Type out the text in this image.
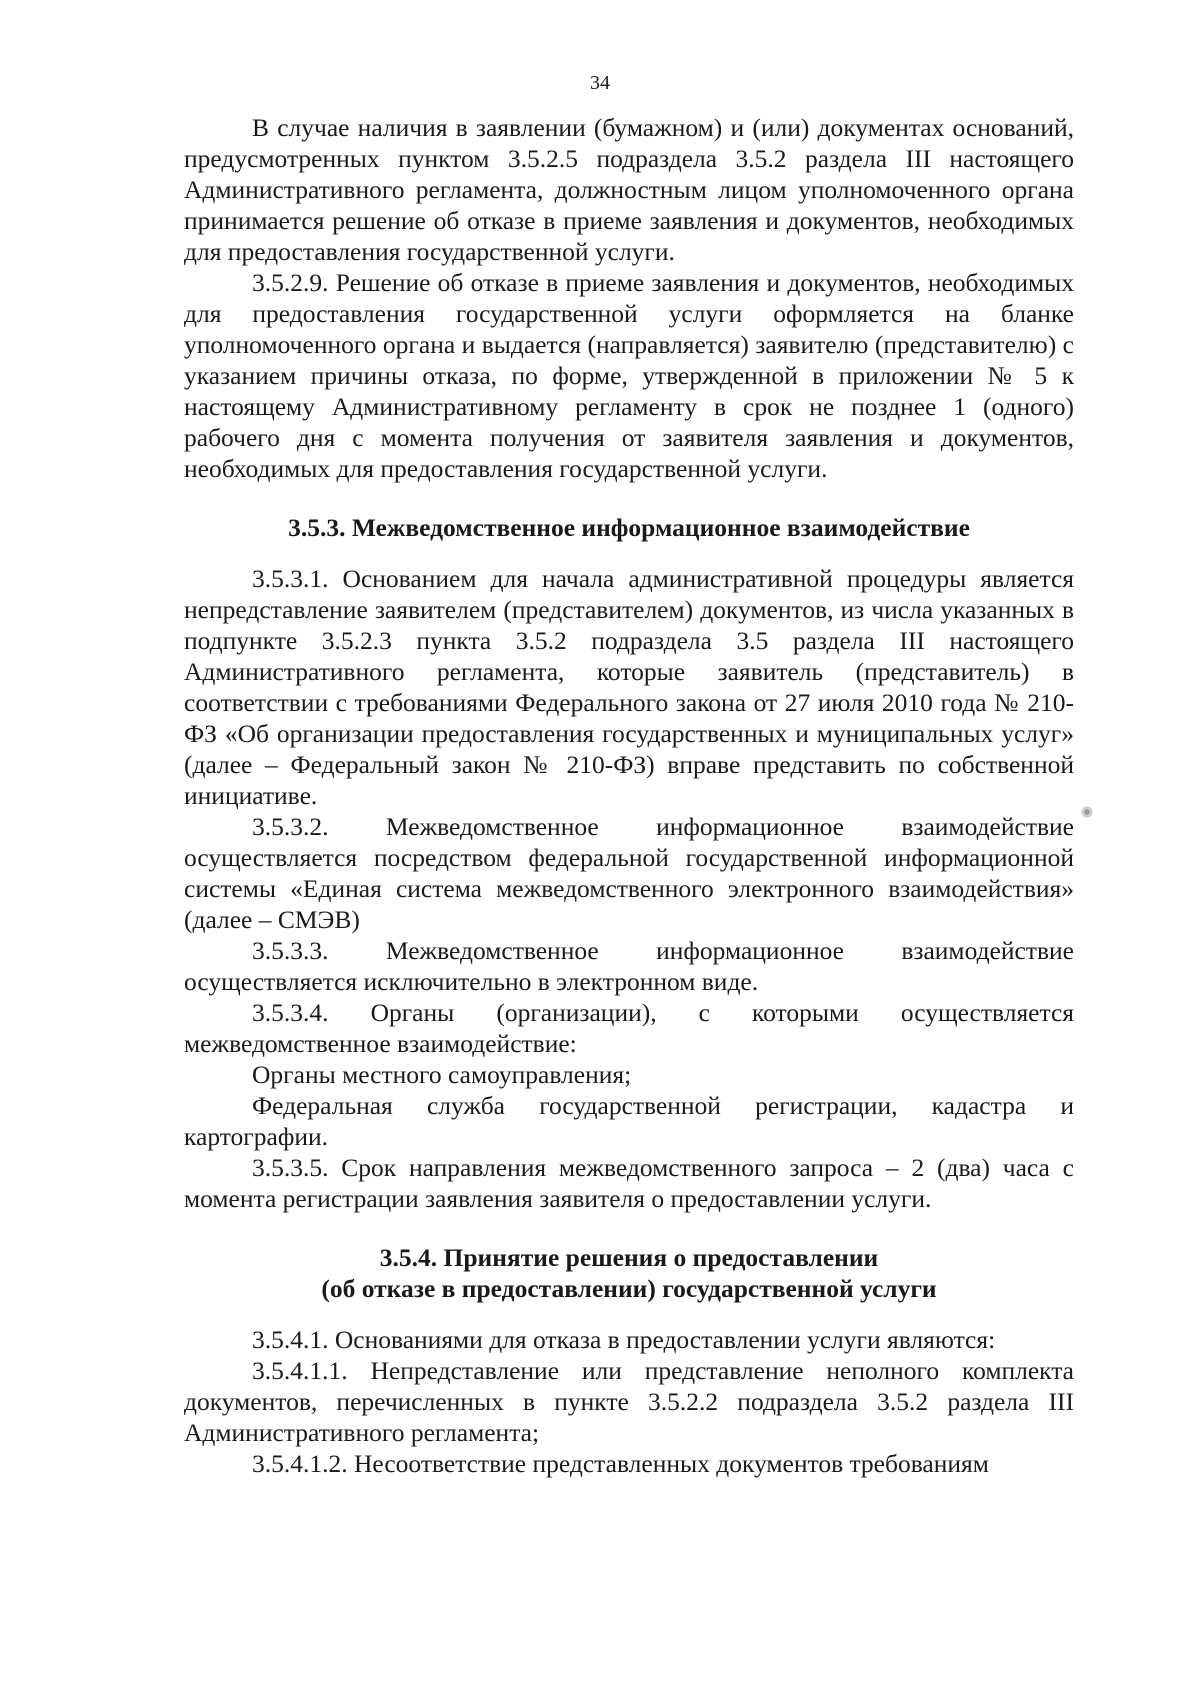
34

В случае наличия в заявлении (бумажном) и (или) документах оснований, предусмотренных пунктом 3.5.2.5 подраздела 3.5.2 раздела III настоящего Административного регламента, должностным лицом уполномоченного органа принимается решение об отказе в приеме заявления и документов, необходимых для предоставления государственной услуги.

3.5.2.9. Решение об отказе в приеме заявления и документов, необходимых для предоставления государственной услуги оформляется на бланке уполномоченного органа и выдается (направляется) заявителю (представителю) с указанием причины отказа, по форме, утвержденной в приложении № 5 к настоящему Административному регламенту в срок не позднее 1 (одного) рабочего дня с момента получения от заявителя заявления и документов, необходимых для предоставления государственной услуги.

3.5.3. Межведомственное информационное взаимодействие

3.5.3.1. Основанием для начала административной процедуры является непредставление заявителем (представителем) документов, из числа указанных в подпункте 3.5.2.3 пункта 3.5.2 подраздела 3.5 раздела III настоящего Административного регламента, которые заявитель (представитель) в соответствии с требованиями Федерального закона от 27 июля 2010 года № 210-ФЗ «Об организации предоставления государственных и муниципальных услуг» (далее – Федеральный закон № 210-ФЗ) вправе представить по собственной инициативе.

3.5.3.2. Межведомственное информационное взаимодействие осуществляется посредством федеральной государственной информационной системы «Единая система межведомственного электронного взаимодействия» (далее – СМЭВ)

3.5.3.3. Межведомственное информационное взаимодействие осуществляется исключительно в электронном виде.

3.5.3.4. Органы (организации), с которыми осуществляется межведомственное взаимодействие:

Органы местного самоуправления;

Федеральная служба государственной регистрации, кадастра и картографии.

3.5.3.5. Срок направления межведомственного запроса – 2 (два) часа с момента регистрации заявления заявителя о предоставлении услуги.

3.5.4. Принятие решения о предоставлении
(об отказе в предоставлении) государственной услуги

3.5.4.1. Основаниями для отказа в предоставлении услуги являются:

3.5.4.1.1. Непредставление или представление неполного комплекта документов, перечисленных в пункте 3.5.2.2 подраздела 3.5.2 раздела III Административного регламента;

3.5.4.1.2. Несоответствие представленных документов требованиям
